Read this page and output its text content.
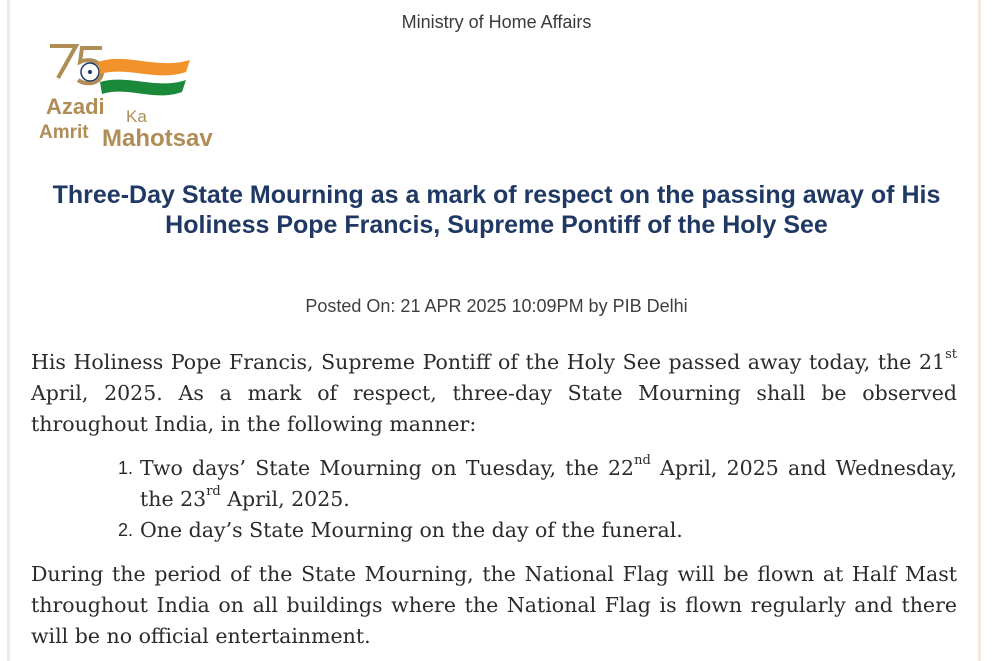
Ministry of Home Affairs
Azadi Ka
Amrit Mahotsav
Three-Day State Mourning as a mark of respect on the passing away of His Holiness Pope Francis, Supreme Pontiff of the Holy See
Posted On: 21 APR 2025 10:09PM by PIB Delhi
His Holiness Pope Francis, Supreme Pontiff of the Holy See passed away today, the 21st April, 2025. As a mark of respect, three-day State Mourning shall be observed throughout India, in the following manner:
1. Two days’ State Mourning on Tuesday, the 22nd April, 2025 and Wednesday, the 23rd April, 2025.
2. One day’s State Mourning on the day of the funeral.
During the period of the State Mourning, the National Flag will be flown at Half Mast throughout India on all buildings where the National Flag is flown regularly and there will be no official entertainment.
